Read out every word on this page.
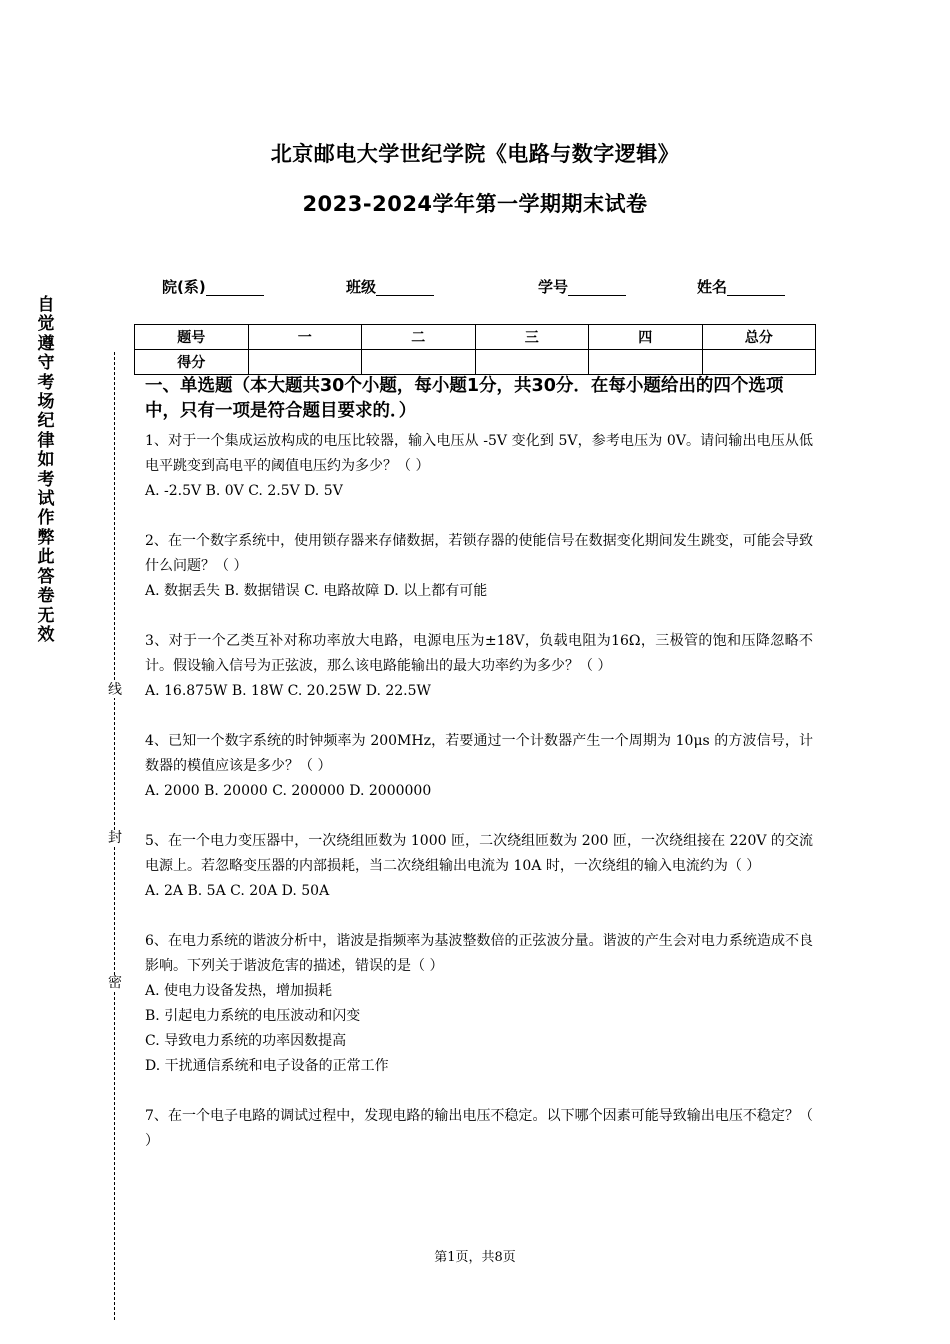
北京邮电大学世纪学院《电路与数字逻辑》
2023-2024学年第一学期期末试卷
自觉遵守考场纪律如考试作弊此答卷无效
线
封
密
院(系)	班级	学号	姓名
题号	一	二	三	四	总分
得分					
一、单选题（本大题共30个小题，每小题1分，共30分．在每小题给出的四个选项中，只有一项是符合题目要求的．）

1、对于一个集成运放构成的电压比较器，输入电压从 -5V 变化到 5V，参考电压为 0V。请问输出电压从低电平跳变到高电平的阈值电压约为多少？（ ）

A. -2.5V B. 0V C. 2.5V D. 5V

2、在一个数字系统中，使用锁存器来存储数据，若锁存器的使能信号在数据变化期间发生跳变，可能会导致什么问题？（ ）

A. 数据丢失 B. 数据错误 C. 电路故障 D. 以上都有可能

3、对于一个乙类互补对称功率放大电路，电源电压为±18V，负载电阻为16Ω，三极管的饱和压降忽略不计。假设输入信号为正弦波，那么该电路能输出的最大功率约为多少？（ ）

A. 16.875W B. 18W C. 20.25W D. 22.5W

4、已知一个数字系统的时钟频率为 200MHz，若要通过一个计数器产生一个周期为 10μs 的方波信号，计数器的模值应该是多少？（ ）

A. 2000 B. 20000 C. 200000 D. 2000000

5、在一个电力变压器中，一次绕组匝数为 1000 匝，二次绕组匝数为 200 匝，一次绕组接在 220V 的交流电源上。若忽略变压器的内部损耗，当二次绕组输出电流为 10A 时，一次绕组的输入电流约为（ ）

A. 2A B. 5A C. 20A D. 50A

6、在电力系统的谐波分析中，谐波是指频率为基波整数倍的正弦波分量。谐波的产生会对电力系统造成不良影响。下列关于谐波危害的描述，错误的是（ ）

A. 使电力设备发热，增加损耗

B. 引起电力系统的电压波动和闪变

C. 导致电力系统的功率因数提高

D. 干扰通信系统和电子设备的正常工作

7、在一个电子电路的调试过程中，发现电路的输出电压不稳定。以下哪个因素可能导致输出电压不稳定？（ ）

第1页，共8页
